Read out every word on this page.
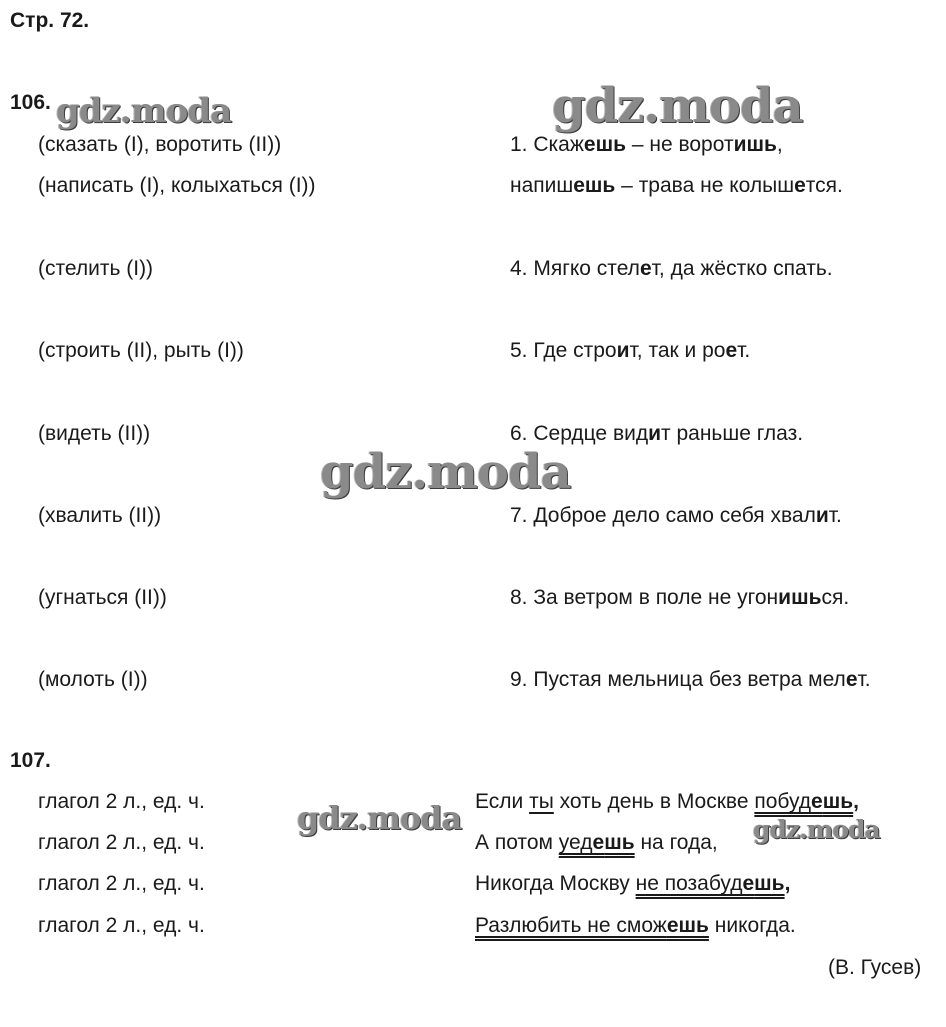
Стр. 72.
106.
(сказать (I), воротить (II))
(написать (I), колыхаться (I))
(стелить (I))
(строить (II), рыть (I))
(видеть (II))
(хвалить (II))
(угнаться (II))
(молоть (I))
1. Скажешь – не воротишь,
напишешь – трава не колышется.
4. Мягко стелет, да жёстко спать.
5. Где строит, так и роет.
6. Сердце видит раньше глаз.
7. Доброе дело само себя хвалит.
8. За ветром в поле не угонишься.
9. Пустая мельница без ветра мелет.
107.
глагол 2 л., ед. ч.
глагол 2 л., ед. ч.
глагол 2 л., ед. ч.
глагол 2 л., ед. ч.
Если ты хоть день в Москве побудешь,
А потом уедешь на года,
Никогда Москву не позабудешь,
Разлюбить не сможешь никогда.
(В. Гусев)
gdz.moda	gdz.moda
gdz.moda
gdz.moda	gdz.moda
